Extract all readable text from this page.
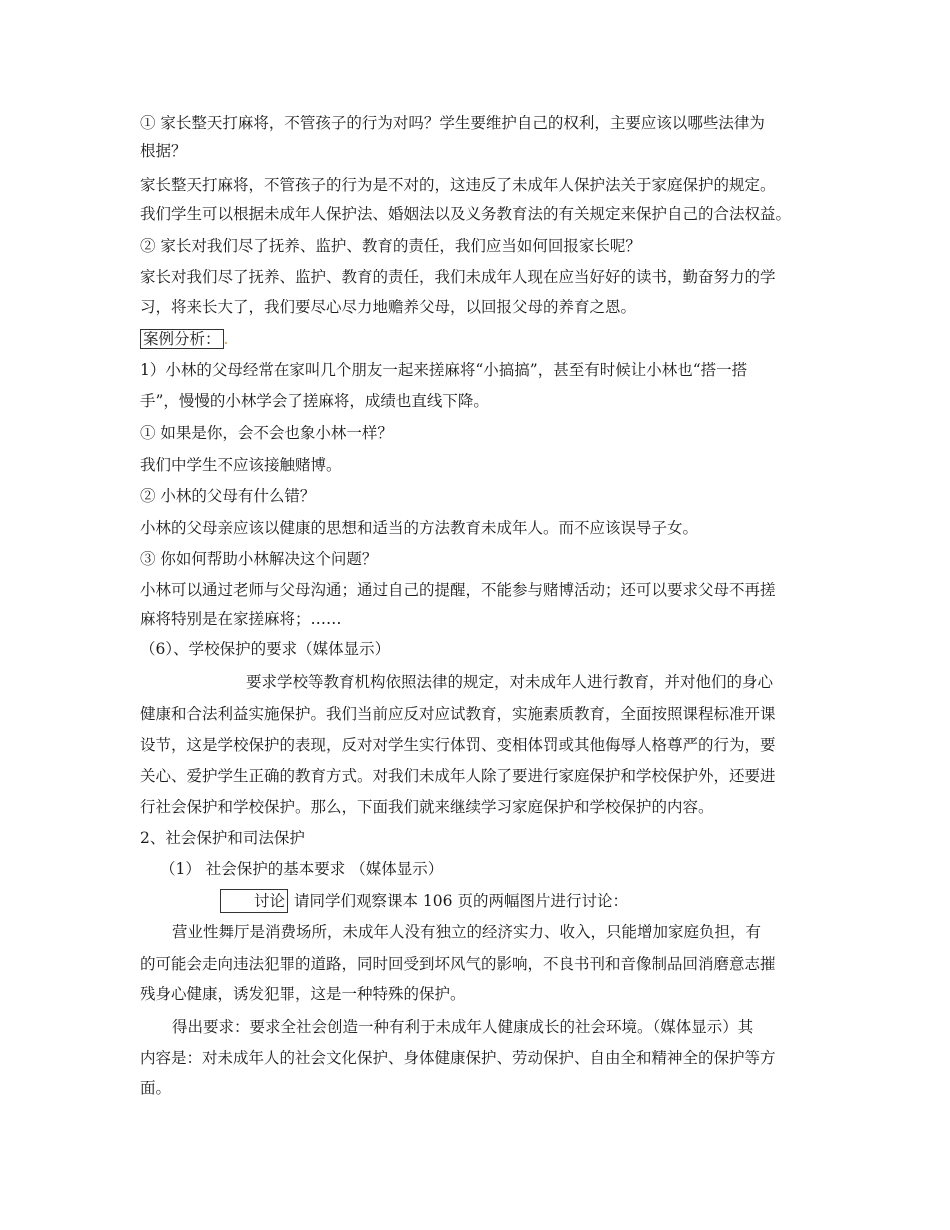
① 家长整天打麻将，不管孩子的行为对吗？学生要维护自己的权利，主要应该以哪些法律为
根据？
家长整天打麻将，不管孩子的行为是不对的，这违反了未成年人保护法关于家庭保护的规定。
我们学生可以根据未成年人保护法、婚姻法以及义务教育法的有关规定来保护自己的合法权益。
② 家长对我们尽了抚养、监护、教育的责任，我们应当如何回报家长呢？
家长对我们尽了抚养、监护、教育的责任，我们未成年人现在应当好好的读书，勤奋努力的学
习，将来长大了，我们要尽心尽力地赡养父母，以回报父母的养育之恩。
案例分析： .
1）小林的父母经常在家叫几个朋友一起来搓麻将“小搞搞”，甚至有时候让小林也“搭一搭
手”，慢慢的小林学会了搓麻将，成绩也直线下降。
① 如果是你，会不会也象小林一样？
我们中学生不应该接触赌博。
② 小林的父母有什么错？
小林的父母亲应该以健康的思想和适当的方法教育未成年人。而不应该误导子女。
③ 你如何帮助小林解决这个问题？
小林可以通过老师与父母沟通；通过自己的提醒，不能参与赌博活动；还可以要求父母不再搓
麻将特别是在家搓麻将；……
（6）、学校保护的要求（媒体显示）
要求学校等教育机构依照法律的规定，对未成年人进行教育，并对他们的身心
健康和合法利益实施保护。我们当前应反对应试教育，实施素质教育，全面按照课程标准开课
设节，这是学校保护的表现，反对对学生实行体罚、变相体罚或其他侮辱人格尊严的行为，要
关心、爱护学生正确的教育方式。对我们未成年人除了要进行家庭保护和学校保护外，还要进
行社会保护和学校保护。那么，下面我们就来继续学习家庭保护和学校保护的内容。
2、社会保护和司法保护
（1） 社会保护的基本要求 （媒体显示）
讨论 请同学们观察课本 106 页的两幅图片进行讨论：
营业性舞厅是消费场所，未成年人没有独立的经济实力、收入，只能增加家庭负担，有
的可能会走向违法犯罪的道路，同时回受到坏风气的影响，不良书刊和音像制品回消磨意志摧
残身心健康，诱发犯罪，这是一种特殊的保护。
得出要求：要求全社会创造一种有利于未成年人健康成长的社会环境。（媒体显示）其
内容是：对未成年人的社会文化保护、身体健康保护、劳动保护、自由全和精神全的保护等方
面。
